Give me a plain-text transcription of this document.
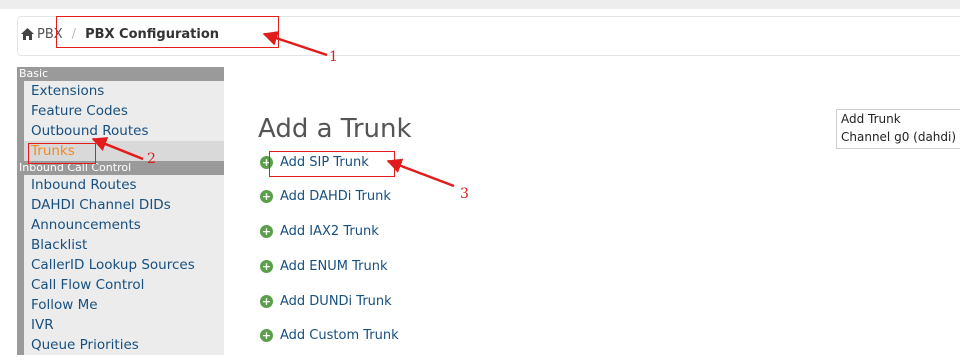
PBX / PBX Configuration
Basic
Extensions
Feature Codes
Outbound Routes
Trunks
Inbound Call Control
Inbound Routes
DAHDI Channel DIDs
Announcements
Blacklist
CallerID Lookup Sources
Call Flow Control
Follow Me
IVR
Queue Priorities
Add a Trunk
+ Add SIP Trunk
+ Add DAHDi Trunk
+ Add IAX2 Trunk
+ Add ENUM Trunk
+ Add DUNDi Trunk
+ Add Custom Trunk
Add Trunk
Channel g0 (dahdi)
1
2
3
